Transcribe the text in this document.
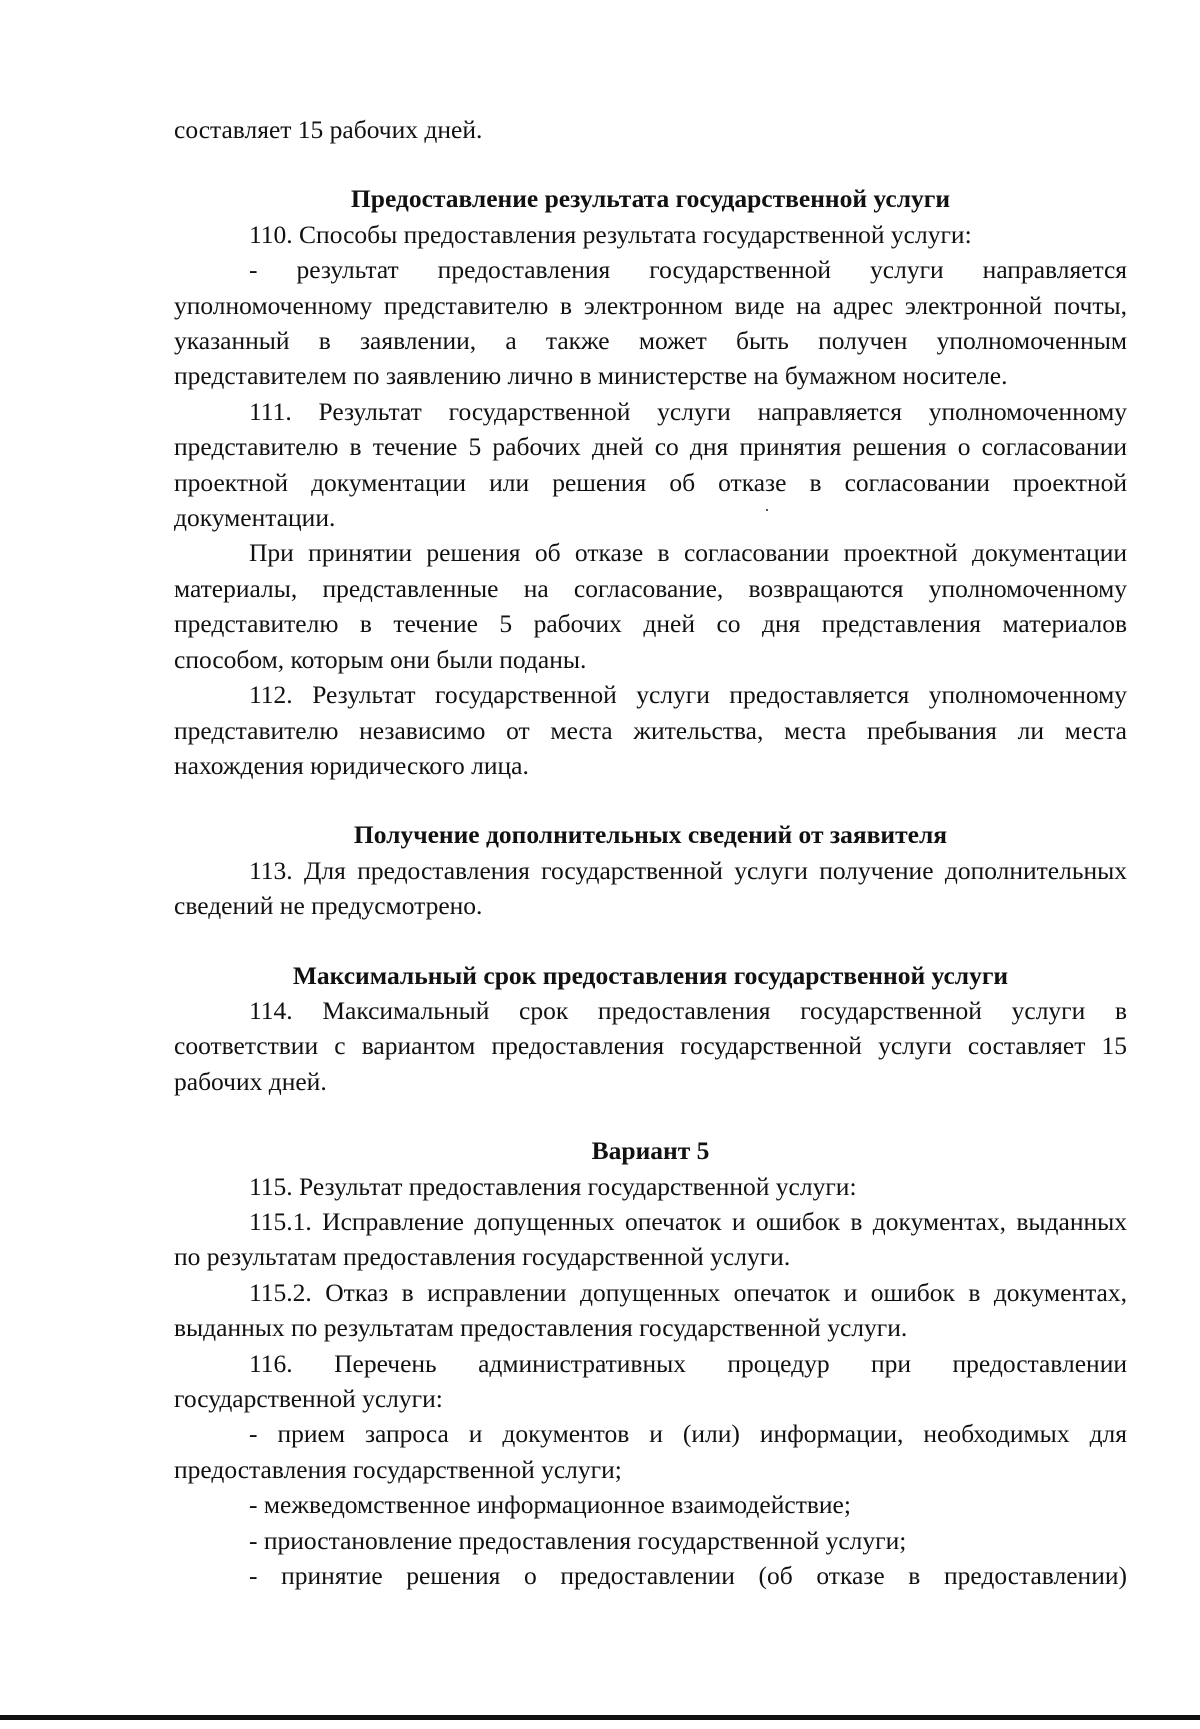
составляет 15 рабочих дней.

Предоставление результата государственной услуги

110. Способы предоставления результата государственной услуги:

- результат предоставления государственной услуги направляется

уполномоченному представителю в электронном виде на адрес электронной почты,

указанный в заявлении, а также может быть получен уполномоченным

представителем по заявлению лично в министерстве на бумажном носителе.

111. Результат государственной услуги направляется уполномоченному

представителю в течение 5 рабочих дней со дня принятия решения о согласовании

проектной документации или решения об отказе в согласовании проектной

документации.

При принятии решения об отказе в согласовании проектной документации

материалы, представленные на согласование, возвращаются уполномоченному

представителю в течение 5 рабочих дней со дня представления материалов

способом, которым они были поданы.

112. Результат государственной услуги предоставляется уполномоченному

представителю независимо от места жительства, места пребывания ли места

нахождения юридического лица.

Получение дополнительных сведений от заявителя

113. Для предоставления государственной услуги получение дополнительных

сведений не предусмотрено.

Максимальный срок предоставления государственной услуги

114. Максимальный срок предоставления государственной услуги в

соответствии с вариантом предоставления государственной услуги составляет 15

рабочих дней.

Вариант 5

115. Результат предоставления государственной услуги:

115.1. Исправление допущенных опечаток и ошибок в документах, выданных

по результатам предоставления государственной услуги.

115.2. Отказ в исправлении допущенных опечаток и ошибок в документах,

выданных по результатам предоставления государственной услуги.

116. Перечень административных процедур при предоставлении

государственной услуги:

- прием запроса и документов и (или) информации, необходимых для

предоставления государственной услуги;

- межведомственное информационное взаимодействие;

- приостановление предоставления государственной услуги;

- принятие решения о предоставлении (об отказе в предоставлении)
